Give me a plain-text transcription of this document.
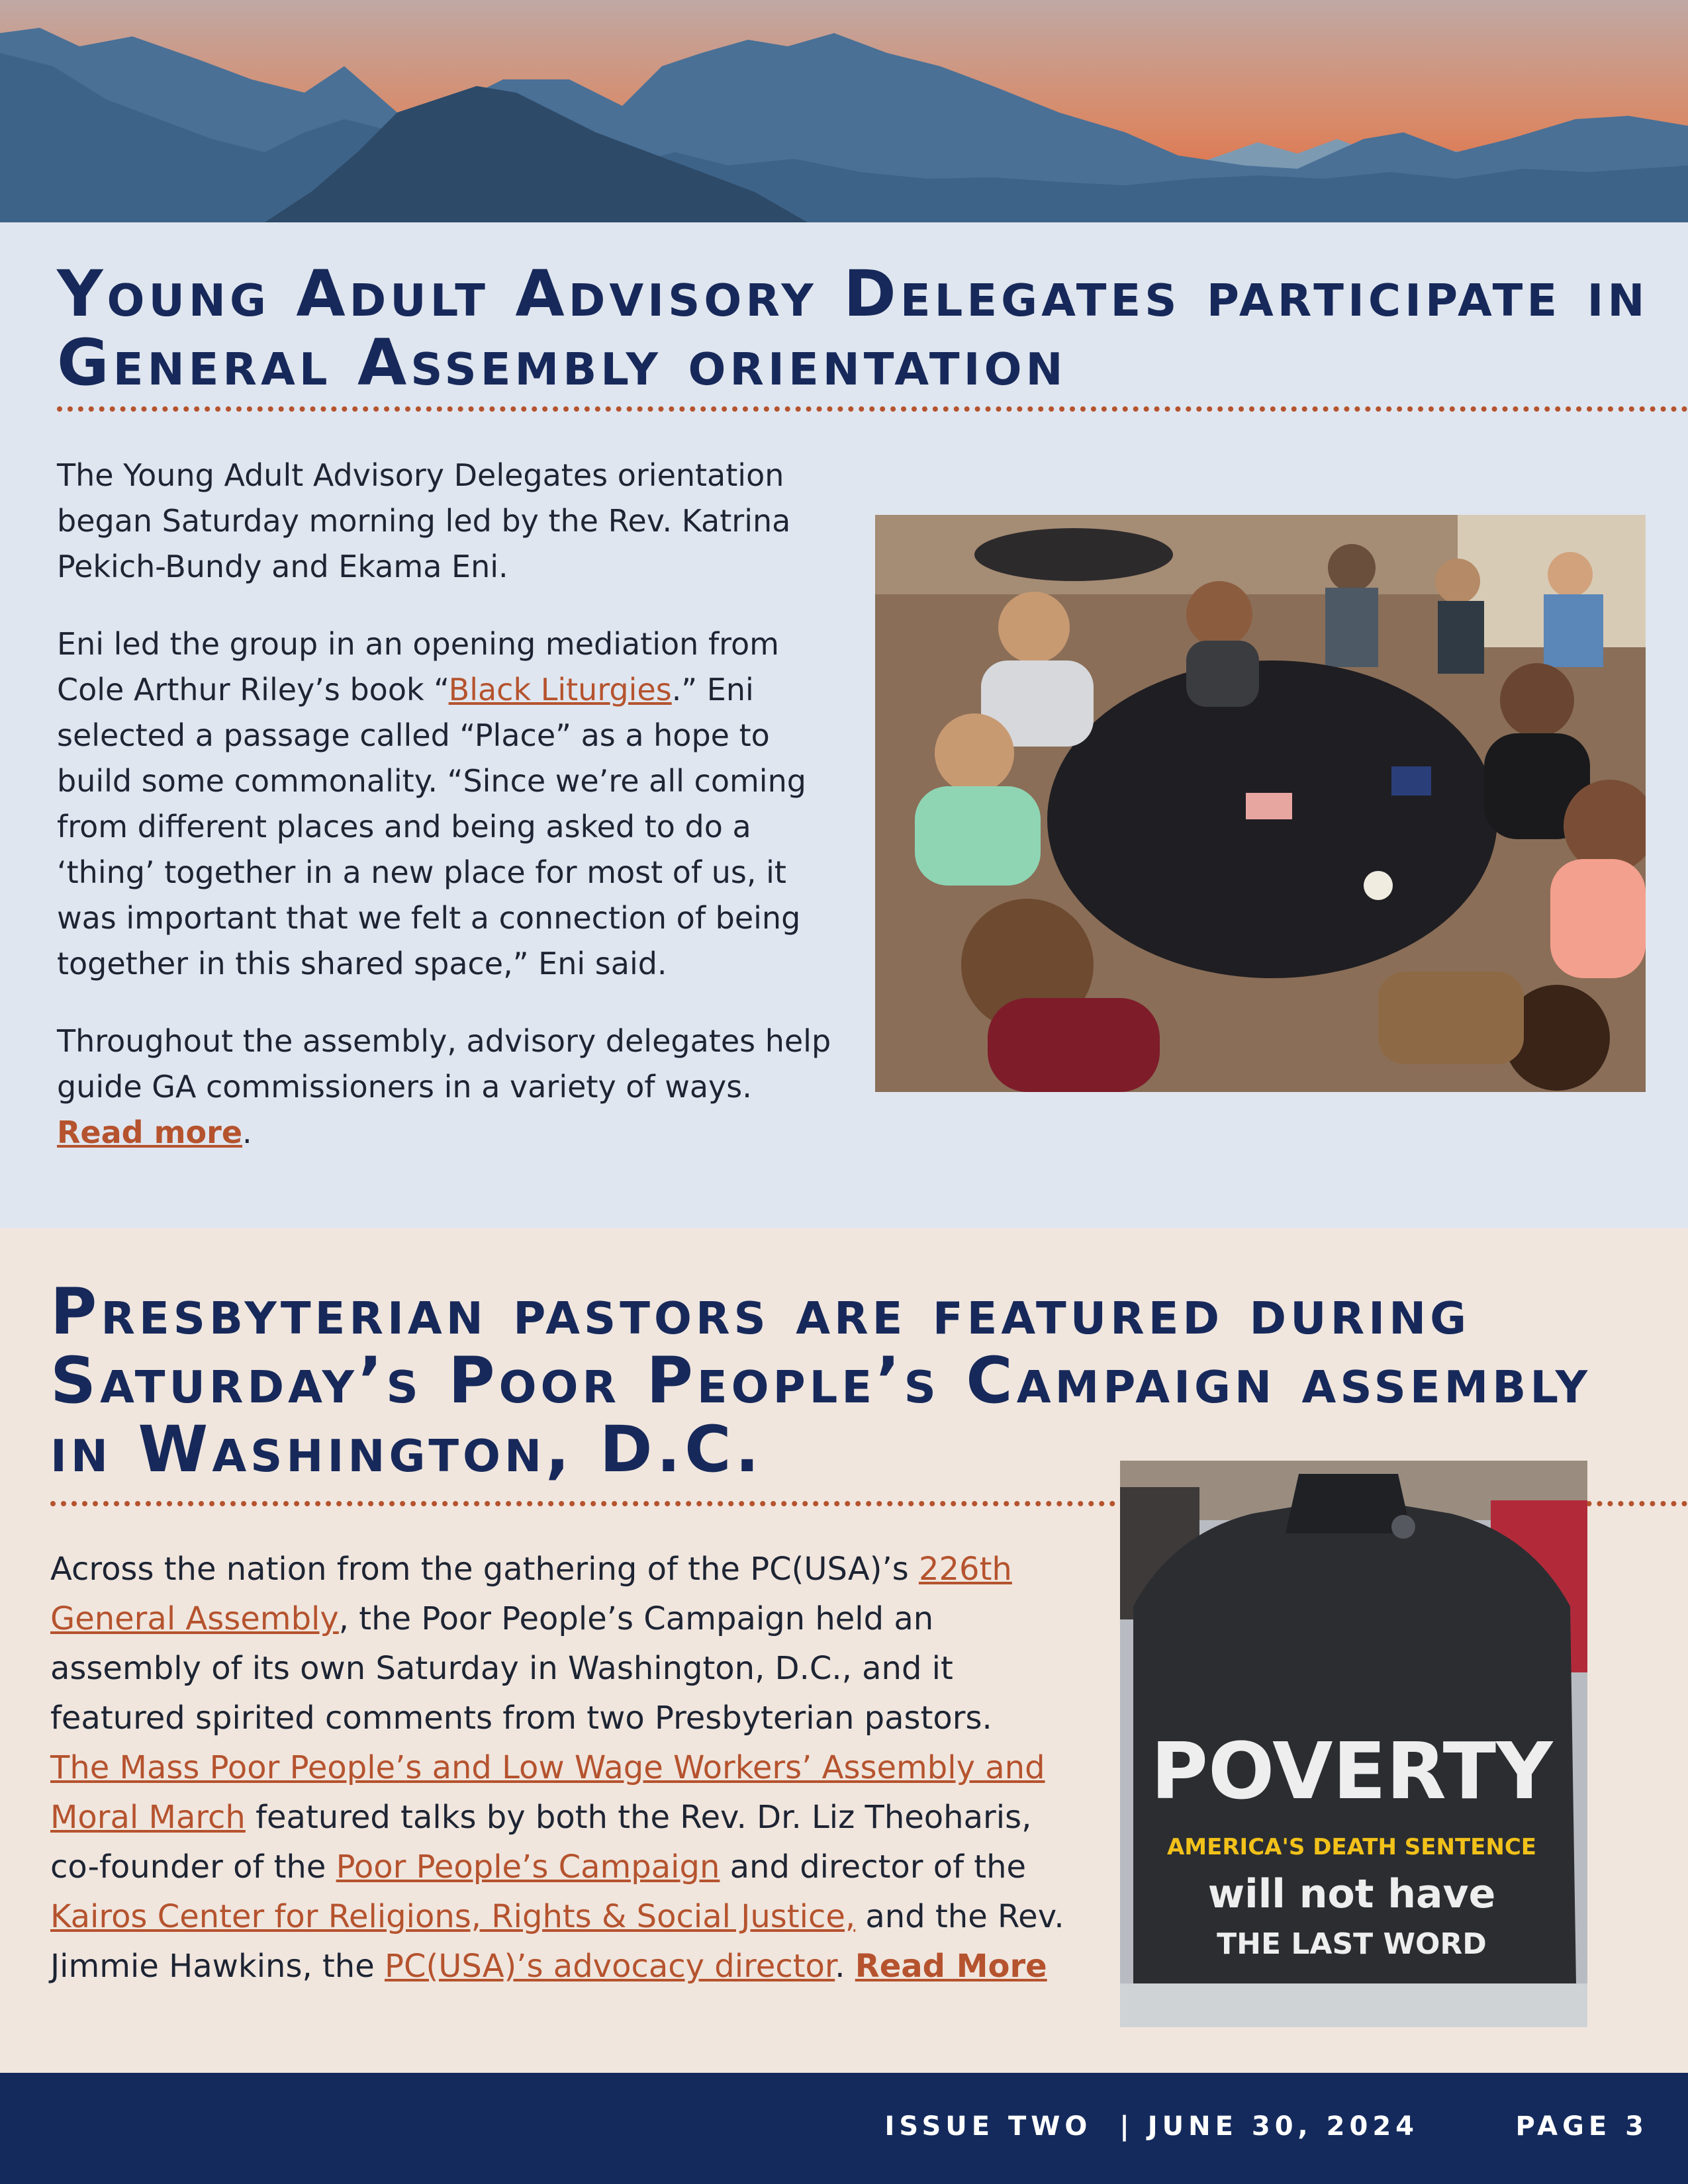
Young Adult Advisory Delegates participate in
General Assembly orientation

The Young Adult Advisory Delegates orientation began Saturday morning led by the Rev. Katrina Pekich-Bundy and Ekama Eni.

Eni led the group in an opening mediation from Cole Arthur Riley’s book “Black Liturgies.” Eni selected a passage called “Place” as a hope to build some commonality. “Since we’re all coming from different places and being asked to do a ‘thing’ together in a new place for most of us, it was important that we felt a connection of being together in this shared space,” Eni said.

Throughout the assembly, advisory delegates help guide GA commissioners in a variety of ways. Read more.

Presbyterian pastors are featured during
Saturday’s Poor People’s Campaign assembly
in Washington, D.C.
Across the nation from the gathering of the PC(USA)’s 226th General Assembly, the Poor People’s Campaign held an assembly of its own Saturday in Washington, D.C., and it featured spirited comments from two Presbyterian pastors.
The Mass Poor People’s and Low Wage Workers’ Assembly and Moral March featured talks by both the Rev. Dr. Liz Theoharis, co-founder of the Poor People’s Campaign and director of the Kairos Center for Religions, Rights & Social Justice, and the Rev. Jimmie Hawkins, the PC(USA)’s advocacy director. Read More
POVERTY
AMERICA'S DEATH SENTENCE
will not have
THE LAST WORD
ISSUE TWO | JUNE 30, 2024	PAGE 3
